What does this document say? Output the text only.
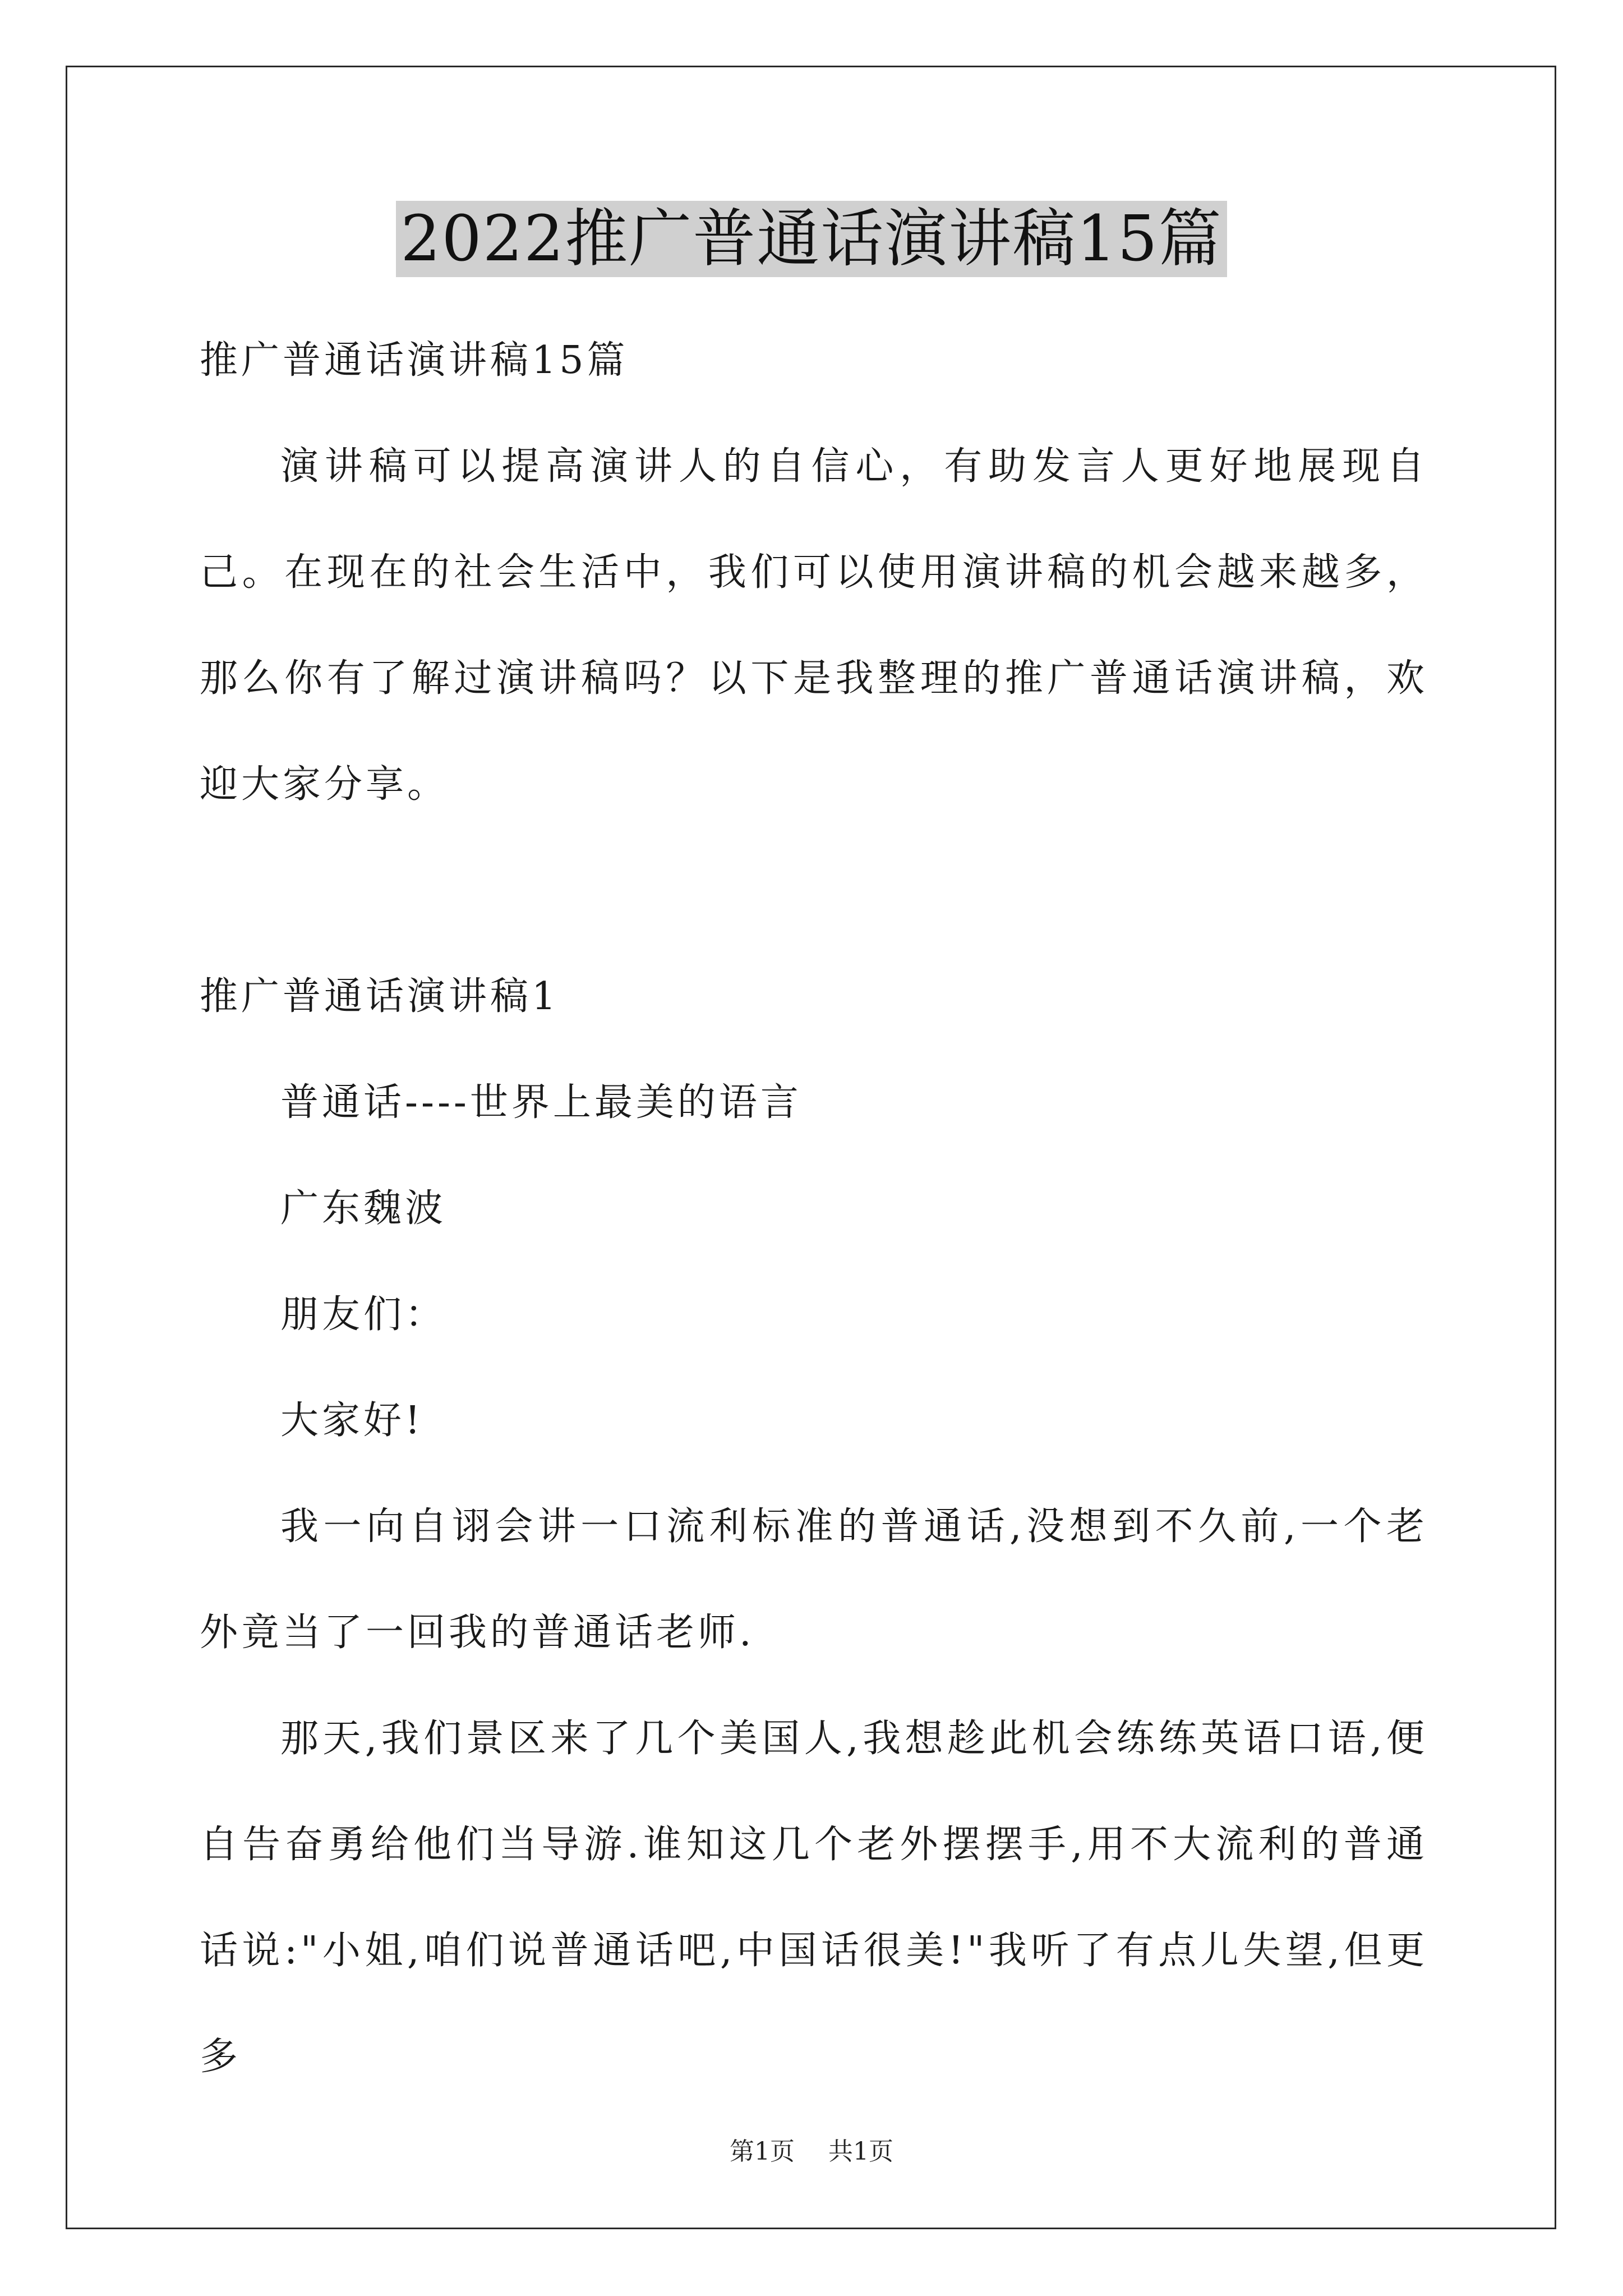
2022推广普通话演讲稿15篇

推广普通话演讲稿15篇

演讲稿可以提高演讲人的自信心，有助发言人更好地展现自己。在现在的社会生活中，我们可以使用演讲稿的机会越来越多，那么你有了解过演讲稿吗？以下是我整理的推广普通话演讲稿，欢迎大家分享。

推广普通话演讲稿1

普通话----世界上最美的语言

广东魏波

朋友们：

大家好!

我一向自诩会讲一口流利标准的普通话,没想到不久前,一个老外竟当了一回我的普通话老师.

那天,我们景区来了几个美国人,我想趁此机会练练英语口语,便自告奋勇给他们当导游.谁知这几个老外摆摆手,用不大流利的普通话说:"小姐,咱们说普通话吧,中国话很美!"我听了有点儿失望,但更多

第1页 共1页
